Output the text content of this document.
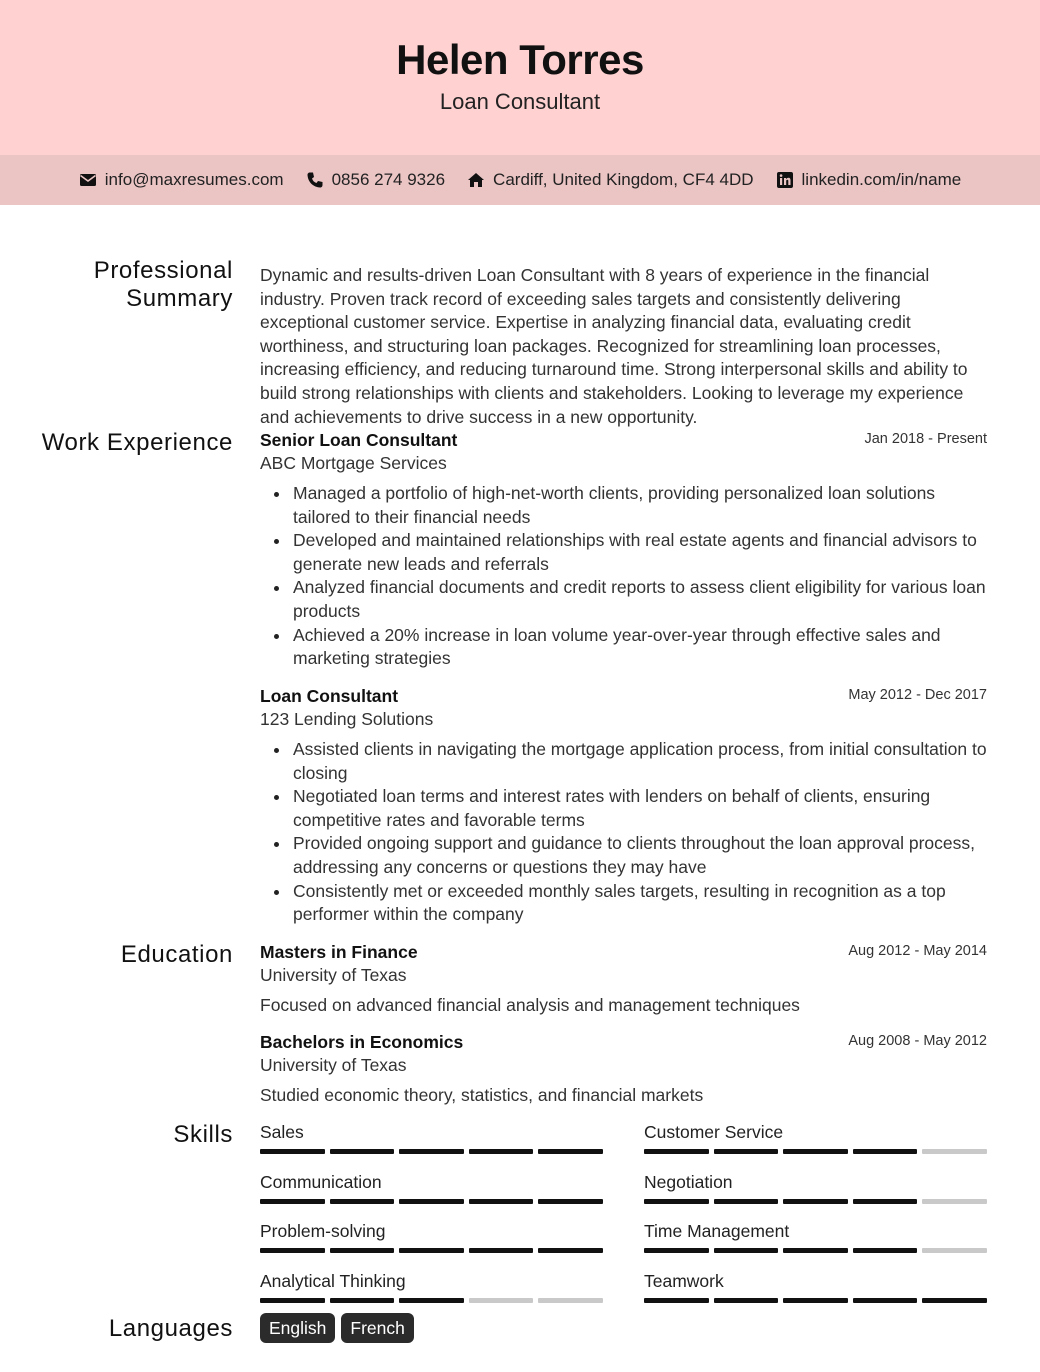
Helen Torres
Loan Consultant
info@maxresumes.com	0856 274 9326	Cardiff, United Kingdom, CF4 4DD	linkedin.com/in/name
Professional Summary
Dynamic and results-driven Loan Consultant with 8 years of experience in the financial industry. Proven track record of exceeding sales targets and consistently delivering exceptional customer service. Expertise in analyzing financial data, evaluating credit worthiness, and structuring loan packages. Recognized for streamlining loan processes, increasing efficiency, and reducing turnaround time. Strong interpersonal skills and ability to build strong relationships with clients and stakeholders. Looking to leverage my experience and achievements to drive success in a new opportunity.
Work Experience Senior Loan Consultant	Jan 2018 - Present
ABC Mortgage Services
Managed a portfolio of high-net-worth clients, providing personalized loan solutions tailored to their financial needs
Developed and maintained relationships with real estate agents and financial advisors to generate new leads and referrals
Analyzed financial documents and credit reports to assess client eligibility for various loan products
Achieved a 20% increase in loan volume year-over-year through effective sales and marketing strategies
Loan Consultant	May 2012 - Dec 2017
123 Lending Solutions
Assisted clients in navigating the mortgage application process, from initial consultation to closing
Negotiated loan terms and interest rates with lenders on behalf of clients, ensuring competitive rates and favorable terms
Provided ongoing support and guidance to clients throughout the loan approval process, addressing any concerns or questions they may have
Consistently met or exceeded monthly sales targets, resulting in recognition as a top performer within the company
Education Masters in Finance	Aug 2012 - May 2014
University of Texas
Focused on advanced financial analysis and management techniques
Bachelors in Economics	Aug 2008 - May 2012
University of Texas
Studied economic theory, statistics, and financial markets
Skills Sales	Customer Service
Communication	Negotiation
Problem-solving	Time Management
Analytical Thinking	Teamwork
Languages	English	French
